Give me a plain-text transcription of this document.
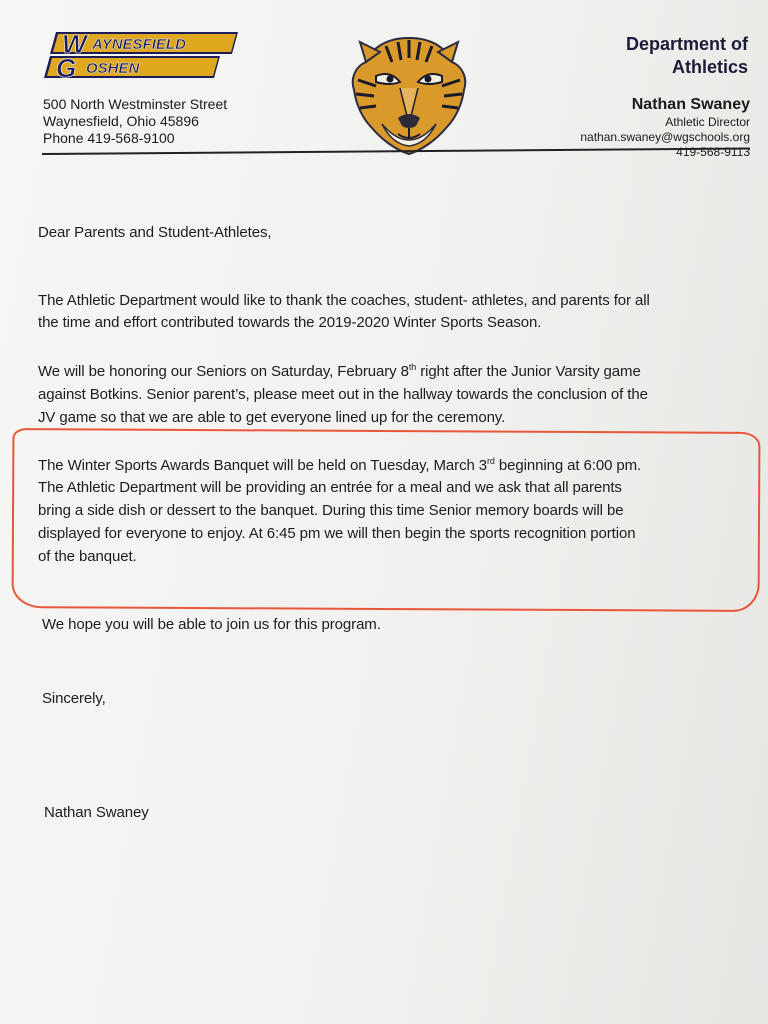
W
G
AYNESFIELD
OSHEN
500 North Westminster Street
Waynesfield, Ohio 45896
Phone 419-568-9100
Department of
Athletics
Nathan Swaney
Athletic Director
nathan.swaney@wgschools.org
419-568-9113

Dear Parents and Student-Athletes,

The Athletic Department would like to thank the coaches, student- athletes, and parents for all

the time and effort contributed towards the 2019-2020 Winter Sports Season.

We will be honoring our Seniors on Saturday, February 8th right after the Junior Varsity game

against Botkins. Senior parent’s, please meet out in the hallway towards the conclusion of the

JV game so that we are able to get everyone lined up for the ceremony.

The Winter Sports Awards Banquet will be held on Tuesday, March 3rd beginning at 6:00 pm.

The Athletic Department will be providing an entrée for a meal and we ask that all parents

bring a side dish or dessert to the banquet. During this time Senior memory boards will be

displayed for everyone to enjoy. At 6:45 pm we will then begin the sports recognition portion

of the banquet.

We hope you will be able to join us for this program.

Sincerely,

Nathan Swaney
